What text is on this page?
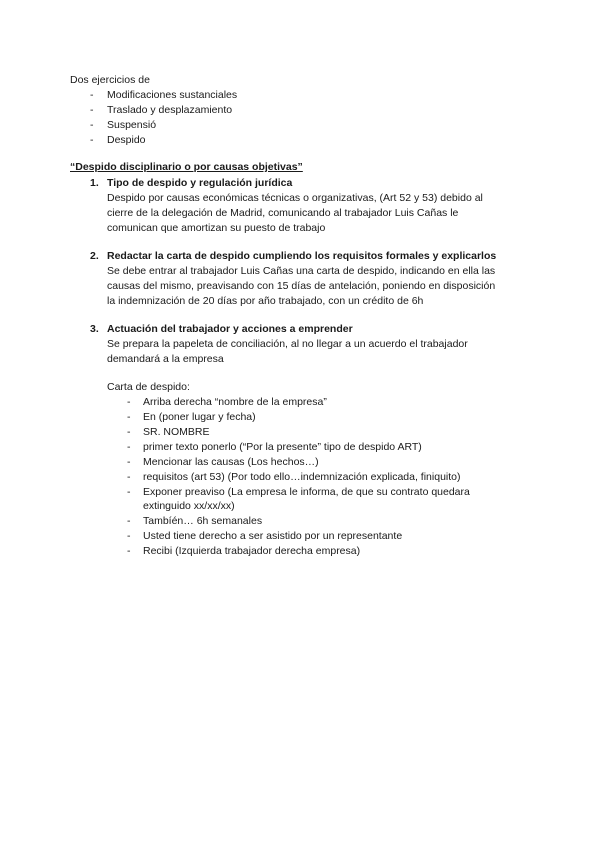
Dos ejercicios de
- Modificaciones sustanciales
- Traslado y desplazamiento
- Suspensió
- Despido
“Despido disciplinario o por causas objetivas”
1. Tipo de despido y regulación jurídica
Despido por causas económicas técnicas o organizativas, (Art 52 y 53) debido al
cierre de la delegación de Madrid, comunicando al trabajador Luis Cañas le
comunican que amortizan su puesto de trabajo
2. Redactar la carta de despido cumpliendo los requisitos formales y explicarlos
Se debe entrar al trabajador Luis Cañas una carta de despido, indicando en ella las
causas del mismo, preavisando con 15 días de antelación, poniendo en disposición
la indemnización de 20 días por año trabajado, con un crédito de 6h
3. Actuación del trabajador y acciones a emprender
Se prepara la papeleta de conciliación, al no llegar a un acuerdo el trabajador
demandará a la empresa
Carta de despido:
- Arriba derecha “nombre de la empresa”
- En (poner lugar y fecha)
- SR. NOMBRE
- primer texto ponerlo (“Por la presente” tipo de despido ART)
- Mencionar las causas (Los hechos…)
- requisitos (art 53) (Por todo ello…indemnización explicada, finiquito)
- Exponer preaviso (La empresa le informa, de que su contrato quedara
extinguido xx/xx/xx)
- Tambíén… 6h semanales
- Usted tiene derecho a ser asistido por un representante
- Recibi (Izquierda trabajador derecha empresa)
